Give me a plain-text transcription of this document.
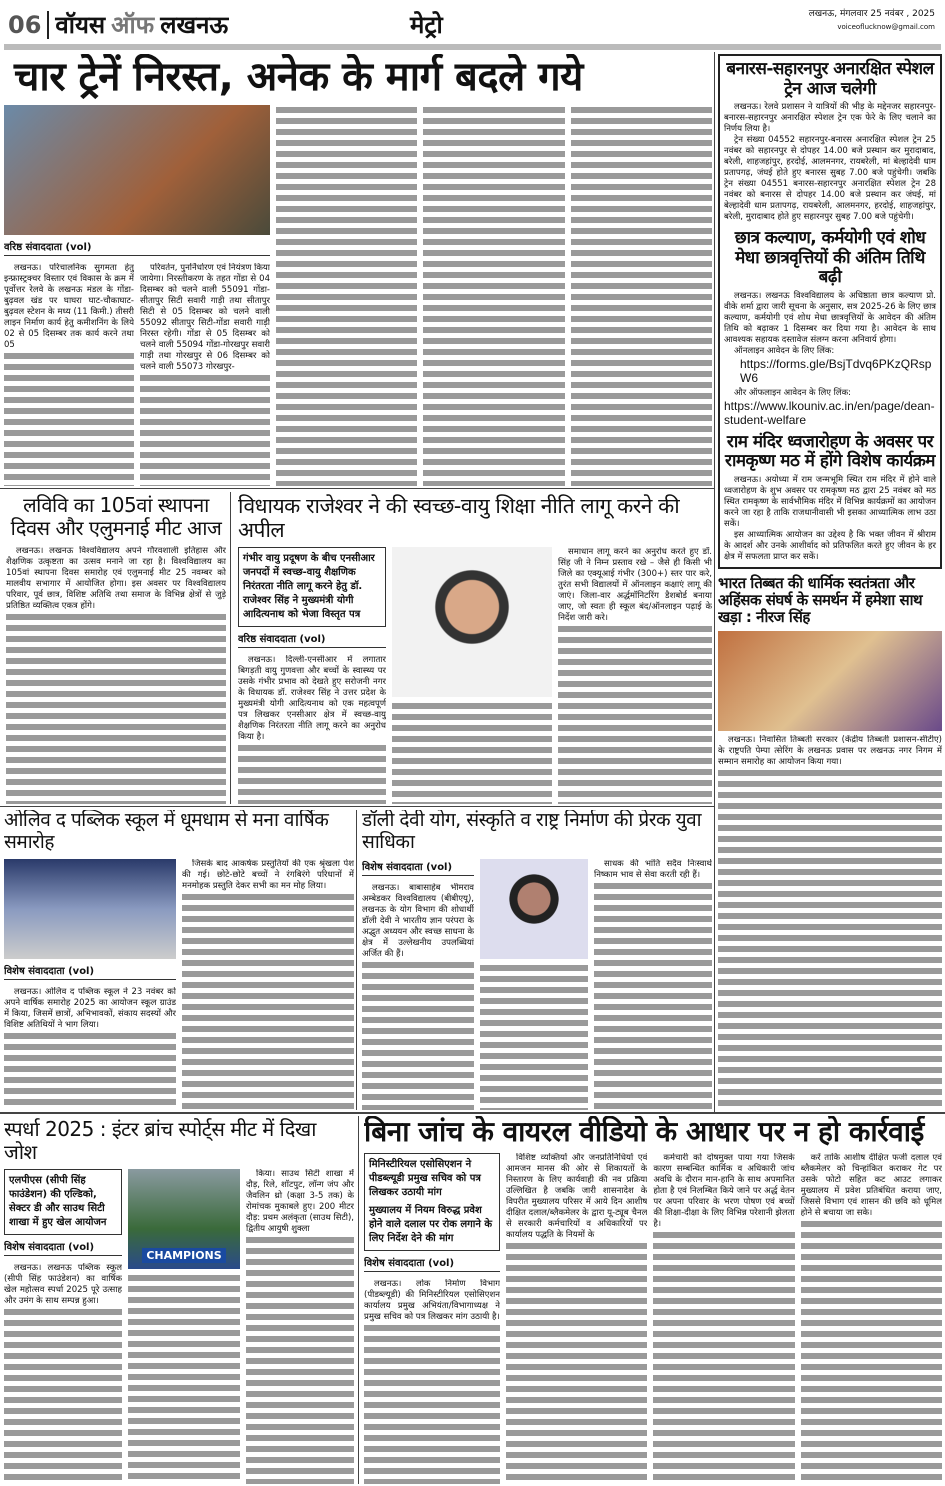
06 वॉयस ऑफ लखनऊ	मेट्रो	लखनऊ, मंगलवार 25 नवंबर , 2025
voiceoflucknow@gmail.com
चार ट्रेनें निरस्त, अनेक के मार्ग बदले गये
वरिष्ठ संवाददाता (vol)

लखनऊ। परिचालनिक सुगमता हेतु इन्फ्रास्ट्रक्चर विस्तार एवं विकास के क्रम में पूर्वोत्तर रेलवे के लखनऊ मंडल के गोंडा-बुढ़वल खंड पर घाघरा घाट-चौकाघाट-बुढ़वल स्टेशन के मध्य (11 किमी.) तीसरी लाइन निर्माण कार्य हेतु कमीशनिंग के लिये 02 से 05 दिसम्बर तक कार्य करने तथा 05

परिवर्तन, पुनर्निर्धारण एवं नियंत्रण किया जायेगा। निरस्तीकरण के तहत गोंडा से 04 दिसम्बर को चलने वाली 55091 गोंडा-सीतापुर सिटी सवारी गाड़ी तथा सीतापुर सिटी से 05 दिसम्बर को चलने वाली 55092 सीतापुर सिटी-गोंडा सवारी गाड़ी निरस्त रहेगी। गोंडा से 05 दिसम्बर को चलने वाली 55094 गोंडा-गोरखपुर सवारी गाड़ी तथा गोरखपुर से 06 दिसम्बर को चलने वाली 55073 गोरखपुर-

बनारस-सहारनपुर अनारक्षित स्पेशल ट्रेन आज चलेगी

लखनऊ। रेलवे प्रशासन ने यात्रियों की भीड़ के मद्देनजर सहारनपुर-बनारस-सहारनपुर अनारक्षित स्पेशल ट्रेन एक फेरे के लिए चलाने का निर्णय लिया है।

ट्रेन संख्या 04552 सहारनपुर-बनारस अनारक्षित स्पेशल ट्रेन 25 नवंबर को सहारनपुर से दोपहर 14.00 बजे प्रस्थान कर मुरादाबाद, बरेली, शाहजहांपुर, हरदोई, आलमनगर, रायबरेली, मां बेल्हादेवी धाम प्रतापगढ़, जंघई होते हुए बनारस सुबह 7.00 बजे पहुंचेगी। जबकि ट्रेन संख्या 04551 बनारस-सहारनपुर अनारक्षित स्पेशल ट्रेन 28 नवंबर को बनारस से दोपहर 14.00 बजे प्रस्थान कर जंघई, मां बेल्हादेवी धाम प्रतापगढ़, रायबरेली, आलमनगर, हरदोई, शाहजहांपुर, बरेली, मुरादाबाद होते हुए सहारनपुर सुबह 7.00 बजे पहुंचेगी।

छात्र कल्याण, कर्मयोगी एवं शोध मेधा छात्रवृत्तियों की अंतिम तिथि बढ़ी

लखनऊ। लखनऊ विश्वविद्यालय के अधिष्ठाता छात्र कल्याण प्रो. वीके शर्मा द्वारा जारी सूचना के अनुसार, सत्र 2025-26 के लिए छात्र कल्याण, कर्मयोगी एवं शोध मेधा छात्रवृत्तियों के आवेदन की अंतिम तिथि को बढ़ाकर 1 दिसम्बर कर दिया गया है। आवेदन के साथ आवश्यक सहायक दस्तावेज संलग्न करना अनिवार्य होगा।

ऑनलाइन आवेदन के लिए लिंक:

https://forms.gle/BsjTdvq6PKzQRspW6

और ऑफलाइन आवेदन के लिए लिंक:

https://www.lkouniv.ac.in/en/page/dean-student-welfare
राम मंदिर ध्वजारोहण के अवसर पर रामकृष्ण मठ में होंगे विशेष कार्यक्रम

लखनऊ। अयोध्या में राम जन्मभूमि स्थित राम मंदिर में होने वाले ध्वजारोहण के शुभ अवसर पर रामकृष्ण मठ द्वारा 25 नवंबर को मठ स्थित रामकृष्ण के सार्वभौमिक मंदिर में विभिन्न कार्यक्रमों का आयोजन करने जा रहा है ताकि राजधानीवासी भी इसका आध्यात्मिक लाभ उठा सकें।

इस आध्यात्मिक आयोजन का उद्देश्य है कि भक्त जीवन में श्रीराम के आदर्श और उनके आशीर्वाद को प्रतिफलित करते हुए जीवन के हर क्षेत्र में सफलता प्राप्त कर सकें।

भारत तिब्बत की धार्मिक स्वतंत्रता और अहिंसक संघर्ष के समर्थन में हमेशा साथ खड़ा : नीरज सिंह

लखनऊ। निवासित तिब्बती सरकार (केंद्रीय तिब्बती प्रशासन-सीटीए) के राष्ट्रपति पेम्पा त्सेरिंग के लखनऊ प्रवास पर लखनऊ नगर निगम में सम्मान समारोह का आयोजन किया गया।

लविवि का 105वां स्थापना दिवस और एलुमनाई मीट आज

लखनऊ। लखनऊ विश्वविद्यालय अपने गौरवशाली इतिहास और शैक्षणिक उत्कृष्टता का उत्सव मनाने जा रहा है। विश्वविद्यालय का 105वां स्थापना दिवस समारोह एवं एलुमनाई मीट 25 नवम्बर को मालवीय सभागार में आयोजित होगा। इस अवसर पर विश्वविद्यालय परिवार, पूर्व छात्र, विशिष्ट अतिथि तथा समाज के विभिन्न क्षेत्रों से जुड़े प्रतिष्ठित व्यक्तित्व एकत्र होंगे।

विधायक राजेश्वर ने की स्वच्छ-वायु शिक्षा नीति लागू करने की अपील
गंभीर वायु प्रदूषण के बीच एनसीआर जनपदों में स्वच्छ-वायु शैक्षणिक निरंतरता नीति लागू करने हेतु डॉ. राजेश्वर सिंह ने मुख्यमंत्री योगी आदित्यनाथ को भेजा विस्तृत पत्र
वरिष्ठ संवाददाता (vol)

लखनऊ। दिल्ली-एनसीआर में लगातार बिगड़ती वायु गुणवत्ता और बच्चों के स्वास्थ्य पर उसके गंभीर प्रभाव को देखते हुए सरोजनी नगर के विधायक डॉ. राजेश्वर सिंह ने उत्तर प्रदेश के मुख्यमंत्री योगी आदित्यनाथ को एक महत्वपूर्ण पत्र लिखकर एनसीआर क्षेत्र में स्वच्छ-वायु शैक्षणिक निरंतरता नीति लागू करने का अनुरोध किया है।

समाधान लागू करने का अनुरोध करते हुए डॉ. सिंह जी ने निम्न प्रस्ताव रखे – जैसे ही किसी भी जिले का एक्यूआई गंभीर (300+) स्तर पार करे, तुरंत सभी विद्यालयों में ऑनलाइन कक्षाएं लागू की जाएं। जिला-वार अर्द्धमॉनिटरिंग डैशबोर्ड बनाया जाए, जो स्वतः ही स्कूल बंद/ऑनलाइन पढ़ाई के निर्देश जारी करे।

ओलिव द पब्लिक स्कूल में धूमधाम से मना वार्षिक समारोह
विशेष संवाददाता (vol)

लखनऊ। ओलिव द पब्लिक स्कूल ने 23 नवंबर को अपने वार्षिक समारोह 2025 का आयोजन स्कूल ग्राउंड में किया, जिसमें छात्रों, अभिभावकों, संकाय सदस्यों और विशिष्ट अतिथियों ने भाग लिया।

जिसके बाद आकर्षक प्रस्तुतियों की एक श्रृंखला पेश की गई। छोटे-छोटे बच्चों ने रंगबिरंगे परिधानों में मनमोहक प्रस्तुति देकर सभी का मन मोह लिया।

डॉली देवी योग, संस्कृति व राष्ट्र निर्माण की प्रेरक युवा साधिका
विशेष संवाददाता (vol)

लखनऊ। बाबासाहेब भीमराव अम्बेडकर विश्वविद्यालय (बीबीएयू), लखनऊ के योग विभाग की शोधार्थी डॉली देवी ने भारतीय ज्ञान परंपरा के अद्भुत अध्ययन और स्वच्छ साधना के क्षेत्र में उल्लेखनीय उपलब्धियां अर्जित की हैं।

साधक की भांति सदैव निःस्वार्थ निष्काम भाव से सेवा करती रही हैं।

स्पर्धा 2025 : इंटर ब्रांच स्पोर्ट्स मीट में दिखा जोश
एलपीएस (सीपी सिंह फाउंडेशन) की एल्डिको, सेक्टर डी और साउथ सिटी शाखा में हुए खेल आयोजन
विशेष संवाददाता (vol)

लखनऊ। लखनऊ पब्लिक स्कूल (सीपी सिंह फाउंडेशन) का वार्षिक खेल महोत्सव स्पर्धा 2025 पूरे उत्साह और उमंग के साथ सम्पन्न हुआ।

CHAMPIONS

किया। साउथ सिटी शाखा में दौड़, रिले, शॉटपुट, लॉन्ग जंप और जैवलिन थ्रो (कक्षा 3-5 तक) के रोमांचक मुकाबले हुए। 200 मीटर दौड़: प्रथम अलंकृता (साउथ सिटी), द्वितीय आयुषी शुक्ला

बिना जांच के वायरल वीडियो के आधार पर न हो कार्रवाई
मिनिस्टीरियल एसोसिएशन ने पीडब्ल्यूडी प्रमुख सचिव को पत्र लिखकर उठायी मांग
मुख्यालय में नियम विरुद्ध प्रवेश होने वाले दलाल पर रोक लगाने के लिए निर्देश देने की मांग
विशेष संवाददाता (vol)

लखनऊ। लोक निर्माण विभाग (पीडब्ल्यूडी) की मिनिस्टीरियल एसोसिएशन कार्यालय प्रमुख अभियंता/विभागाध्यक्ष ने प्रमुख सचिव को पत्र लिखकर मांग उठायी है।

विशिष्ट व्यक्तियों और जनप्रतिनिधियों एवं आमजन मानस की ओर से शिकायतों के निस्तारण के लिए कार्यवाही की नव प्रक्रिया उल्लिखित है जबकि जारी शासनादेश के विपरीत मुख्यालय परिसर में आये दिन आशीष दीक्षित दलाल/ब्लैकमेलर के द्वारा यू-ट्यूब चैनल से सरकारी कर्मचारियों व अधिकारियों पर कार्यालय पद्धति के नियमों के

कर्मचारी को दोषमुक्त पाया गया जिसके कारण सम्बन्धित कार्मिक व अधिकारी जांच अवधि के दौरान मान-हानि के साथ अपमानित होता है एवं निलम्बित किये जाने पर अर्द्ध वेतन पर अपना परिवार के भरण पोषण एवं बच्चों की शिक्षा-दीक्षा के लिए विभिन्न परेशानी झेलता है।

करें ताकि आशीष दीक्षित फर्जी दलाल एवं ब्लैकमेलर को चिन्हांकित कराकर गेट पर उसके फोटो सहित कट आउट लगाकर मुख्यालय में प्रवेश प्रतिबंधित कराया जाए, जिससे विभाग एवं शासन की छवि को धूमिल होने से बचाया जा सके।
